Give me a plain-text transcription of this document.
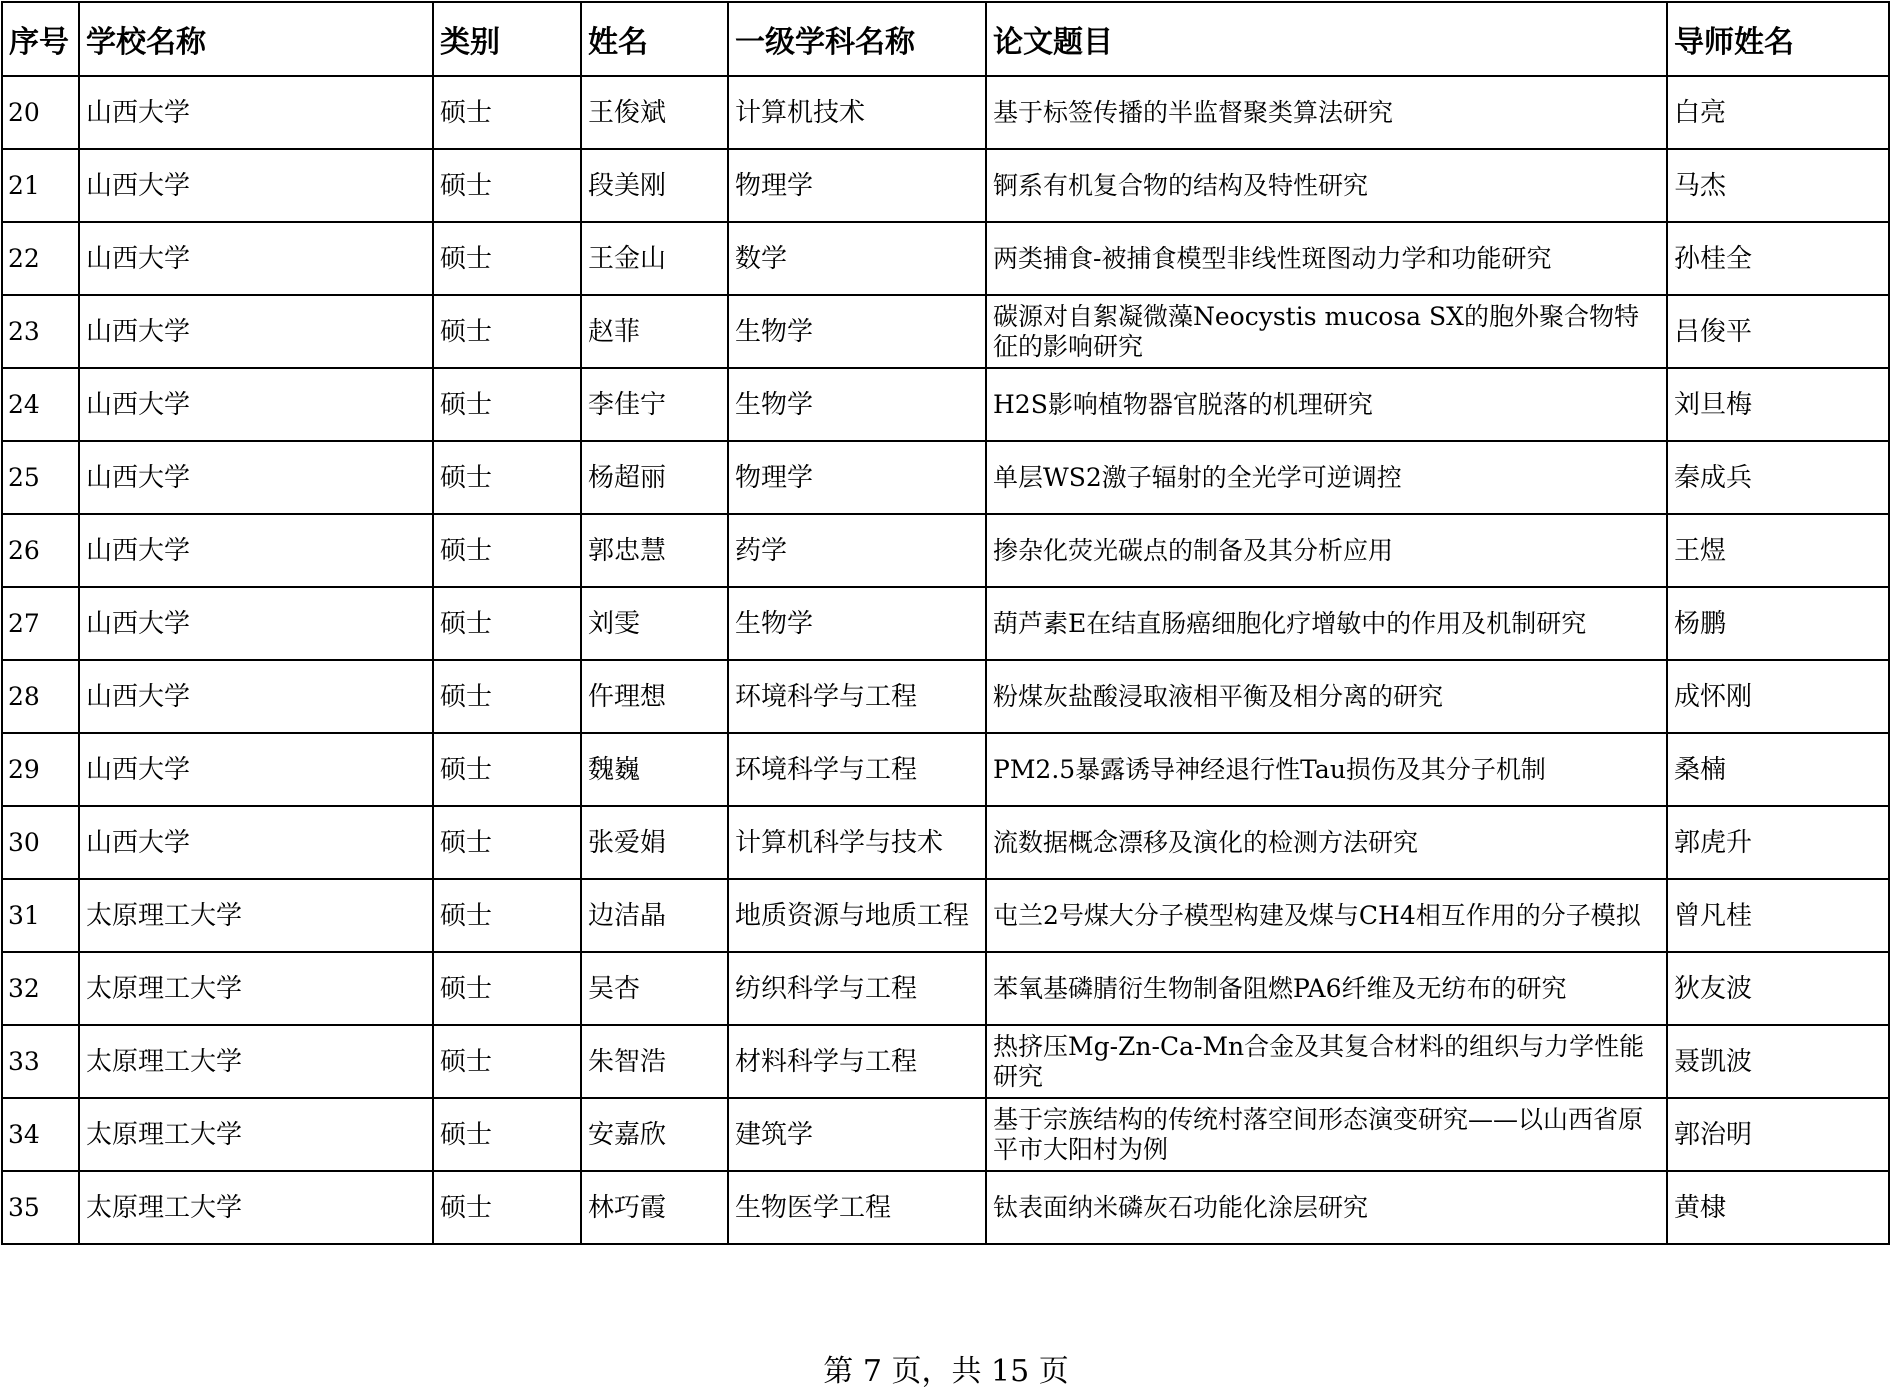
序号	学校名称	类别	姓名	一级学科名称	论文题目	导师姓名
20	山西大学	硕士	王俊斌	计算机技术	基于标签传播的半监督聚类算法研究	白亮
21	山西大学	硕士	段美刚	物理学	锕系有机复合物的结构及特性研究	马杰
22	山西大学	硕士	王金山	数学	两类捕食-被捕食模型非线性斑图动力学和功能研究	孙桂全
23	山西大学	硕士	赵菲	生物学	碳源对自絮凝微藻Neocystis mucosa SX的胞外聚合物特征的影响研究	吕俊平
24	山西大学	硕士	李佳宁	生物学	H2S影响植物器官脱落的机理研究	刘旦梅
25	山西大学	硕士	杨超丽	物理学	单层WS2激子辐射的全光学可逆调控	秦成兵
26	山西大学	硕士	郭忠慧	药学	掺杂化荧光碳点的制备及其分析应用	王煜
27	山西大学	硕士	刘雯	生物学	葫芦素E在结直肠癌细胞化疗增敏中的作用及机制研究	杨鹏
28	山西大学	硕士	仵理想	环境科学与工程	粉煤灰盐酸浸取液相平衡及相分离的研究	成怀刚
29	山西大学	硕士	魏巍	环境科学与工程	PM2.5暴露诱导神经退行性Tau损伤及其分子机制	桑楠
30	山西大学	硕士	张爱娟	计算机科学与技术	流数据概念漂移及演化的检测方法研究	郭虎升
31	太原理工大学	硕士	边洁晶	地质资源与地质工程	屯兰2号煤大分子模型构建及煤与CH4相互作用的分子模拟	曾凡桂
32	太原理工大学	硕士	吴杏	纺织科学与工程	苯氧基磷腈衍生物制备阻燃PA6纤维及无纺布的研究	狄友波
33	太原理工大学	硕士	朱智浩	材料科学与工程	热挤压Mg-Zn-Ca-Mn合金及其复合材料的组织与力学性能研究	聂凯波
34	太原理工大学	硕士	安嘉欣	建筑学	基于宗族结构的传统村落空间形态演变研究——以山西省原平市大阳村为例	郭治明
35	太原理工大学	硕士	林巧霞	生物医学工程	钛表面纳米磷灰石功能化涂层研究	黄棣
第 7 页，共 15 页
